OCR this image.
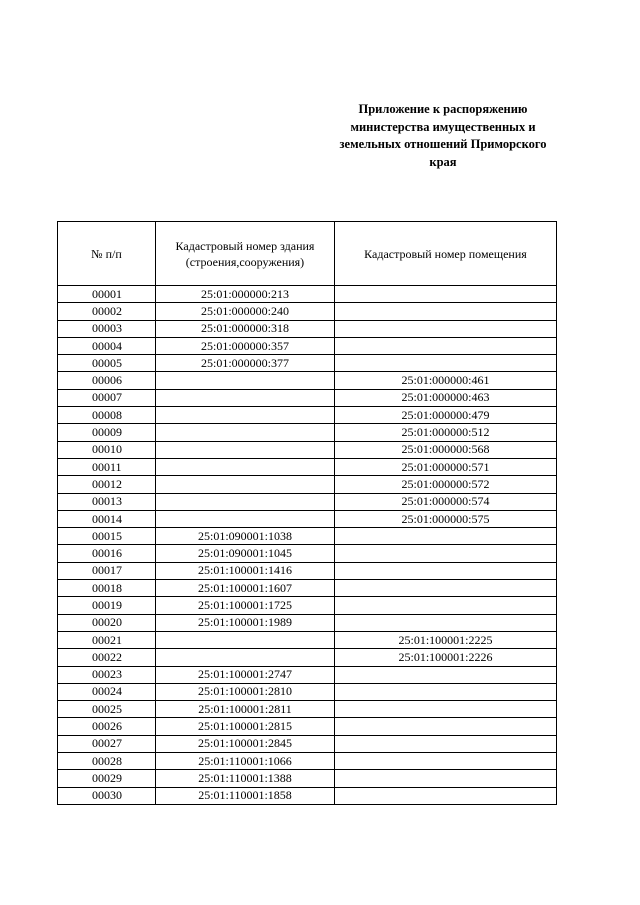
Приложение к распоряжению
министерства имущественных и
земельных отношений Приморского
края
№ п/п	Кадастровый номер здания (строения,сооружения)	Кадастровый номер помещения

00001	25:01:000000:213	
00002	25:01:000000:240	
00003	25:01:000000:318	
00004	25:01:000000:357	
00005	25:01:000000:377	
00006		25:01:000000:461
00007		25:01:000000:463
00008		25:01:000000:479
00009		25:01:000000:512
00010		25:01:000000:568
00011		25:01:000000:571
00012		25:01:000000:572
00013		25:01:000000:574
00014		25:01:000000:575
00015	25:01:090001:1038	
00016	25:01:090001:1045	
00017	25:01:100001:1416	
00018	25:01:100001:1607	
00019	25:01:100001:1725	
00020	25:01:100001:1989	
00021		25:01:100001:2225
00022		25:01:100001:2226
00023	25:01:100001:2747	
00024	25:01:100001:2810	
00025	25:01:100001:2811	
00026	25:01:100001:2815	
00027	25:01:100001:2845	
00028	25:01:110001:1066	
00029	25:01:110001:1388	
00030	25:01:110001:1858	
